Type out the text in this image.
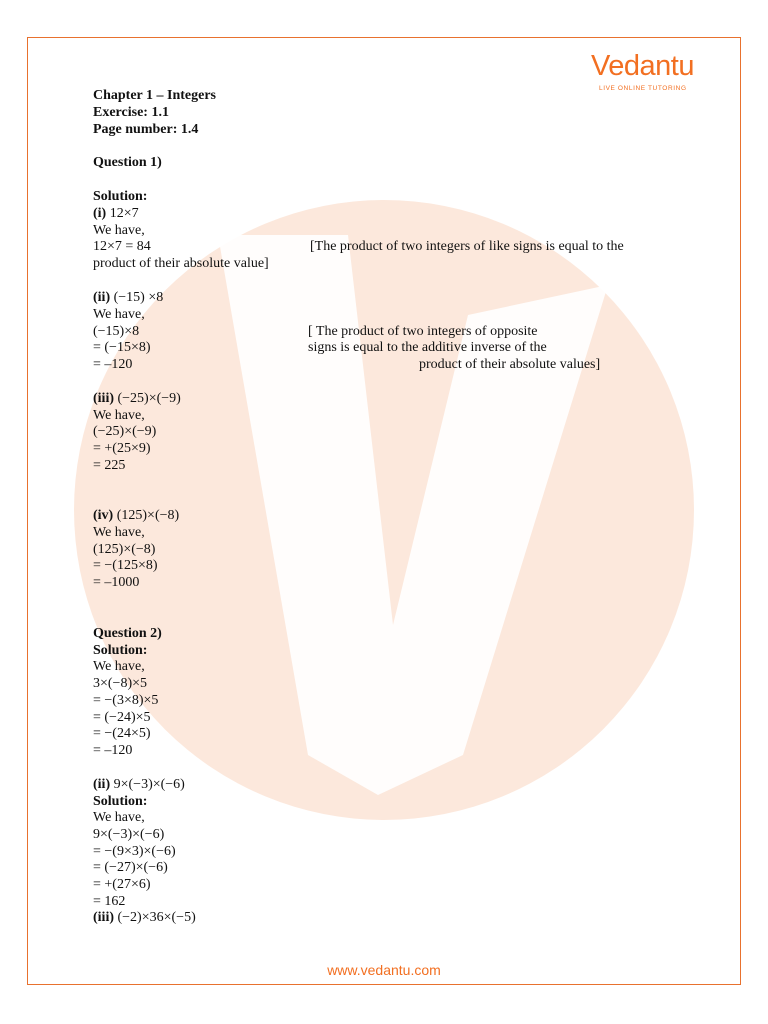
Vedantu
LIVE ONLINE TUTORING
Chapter 1 – Integers
Exercise: 1.1
Page number: 1.4
Question 1)
Solution:
(i) 12×7
We have,
12×7 = 84	[The product of two integers of like signs is equal to the
product of their absolute value]
(ii) (−15) ×8
We have,
(−15)×8	[ The product of two integers of opposite
= (−15×8)	signs is equal to the additive inverse of the
= –120	product of their absolute values]
(iii) (−25)×(−9)
We have,
(−25)×(−9)
= +(25×9)
= 225
(iv) (125)×(−8)
We have,
(125)×(−8)
= −(125×8)
= –1000
Question 2)
Solution:
We have,
3×(−8)×5
= −(3×8)×5
= (−24)×5
= −(24×5)
= –120
(ii) 9×(−3)×(−6)
Solution:
We have,
9×(−3)×(−6)
= −(9×3)×(−6)
= (−27)×(−6)
= +(27×6)
= 162
(iii) (−2)×36×(−5)
www.vedantu.com
